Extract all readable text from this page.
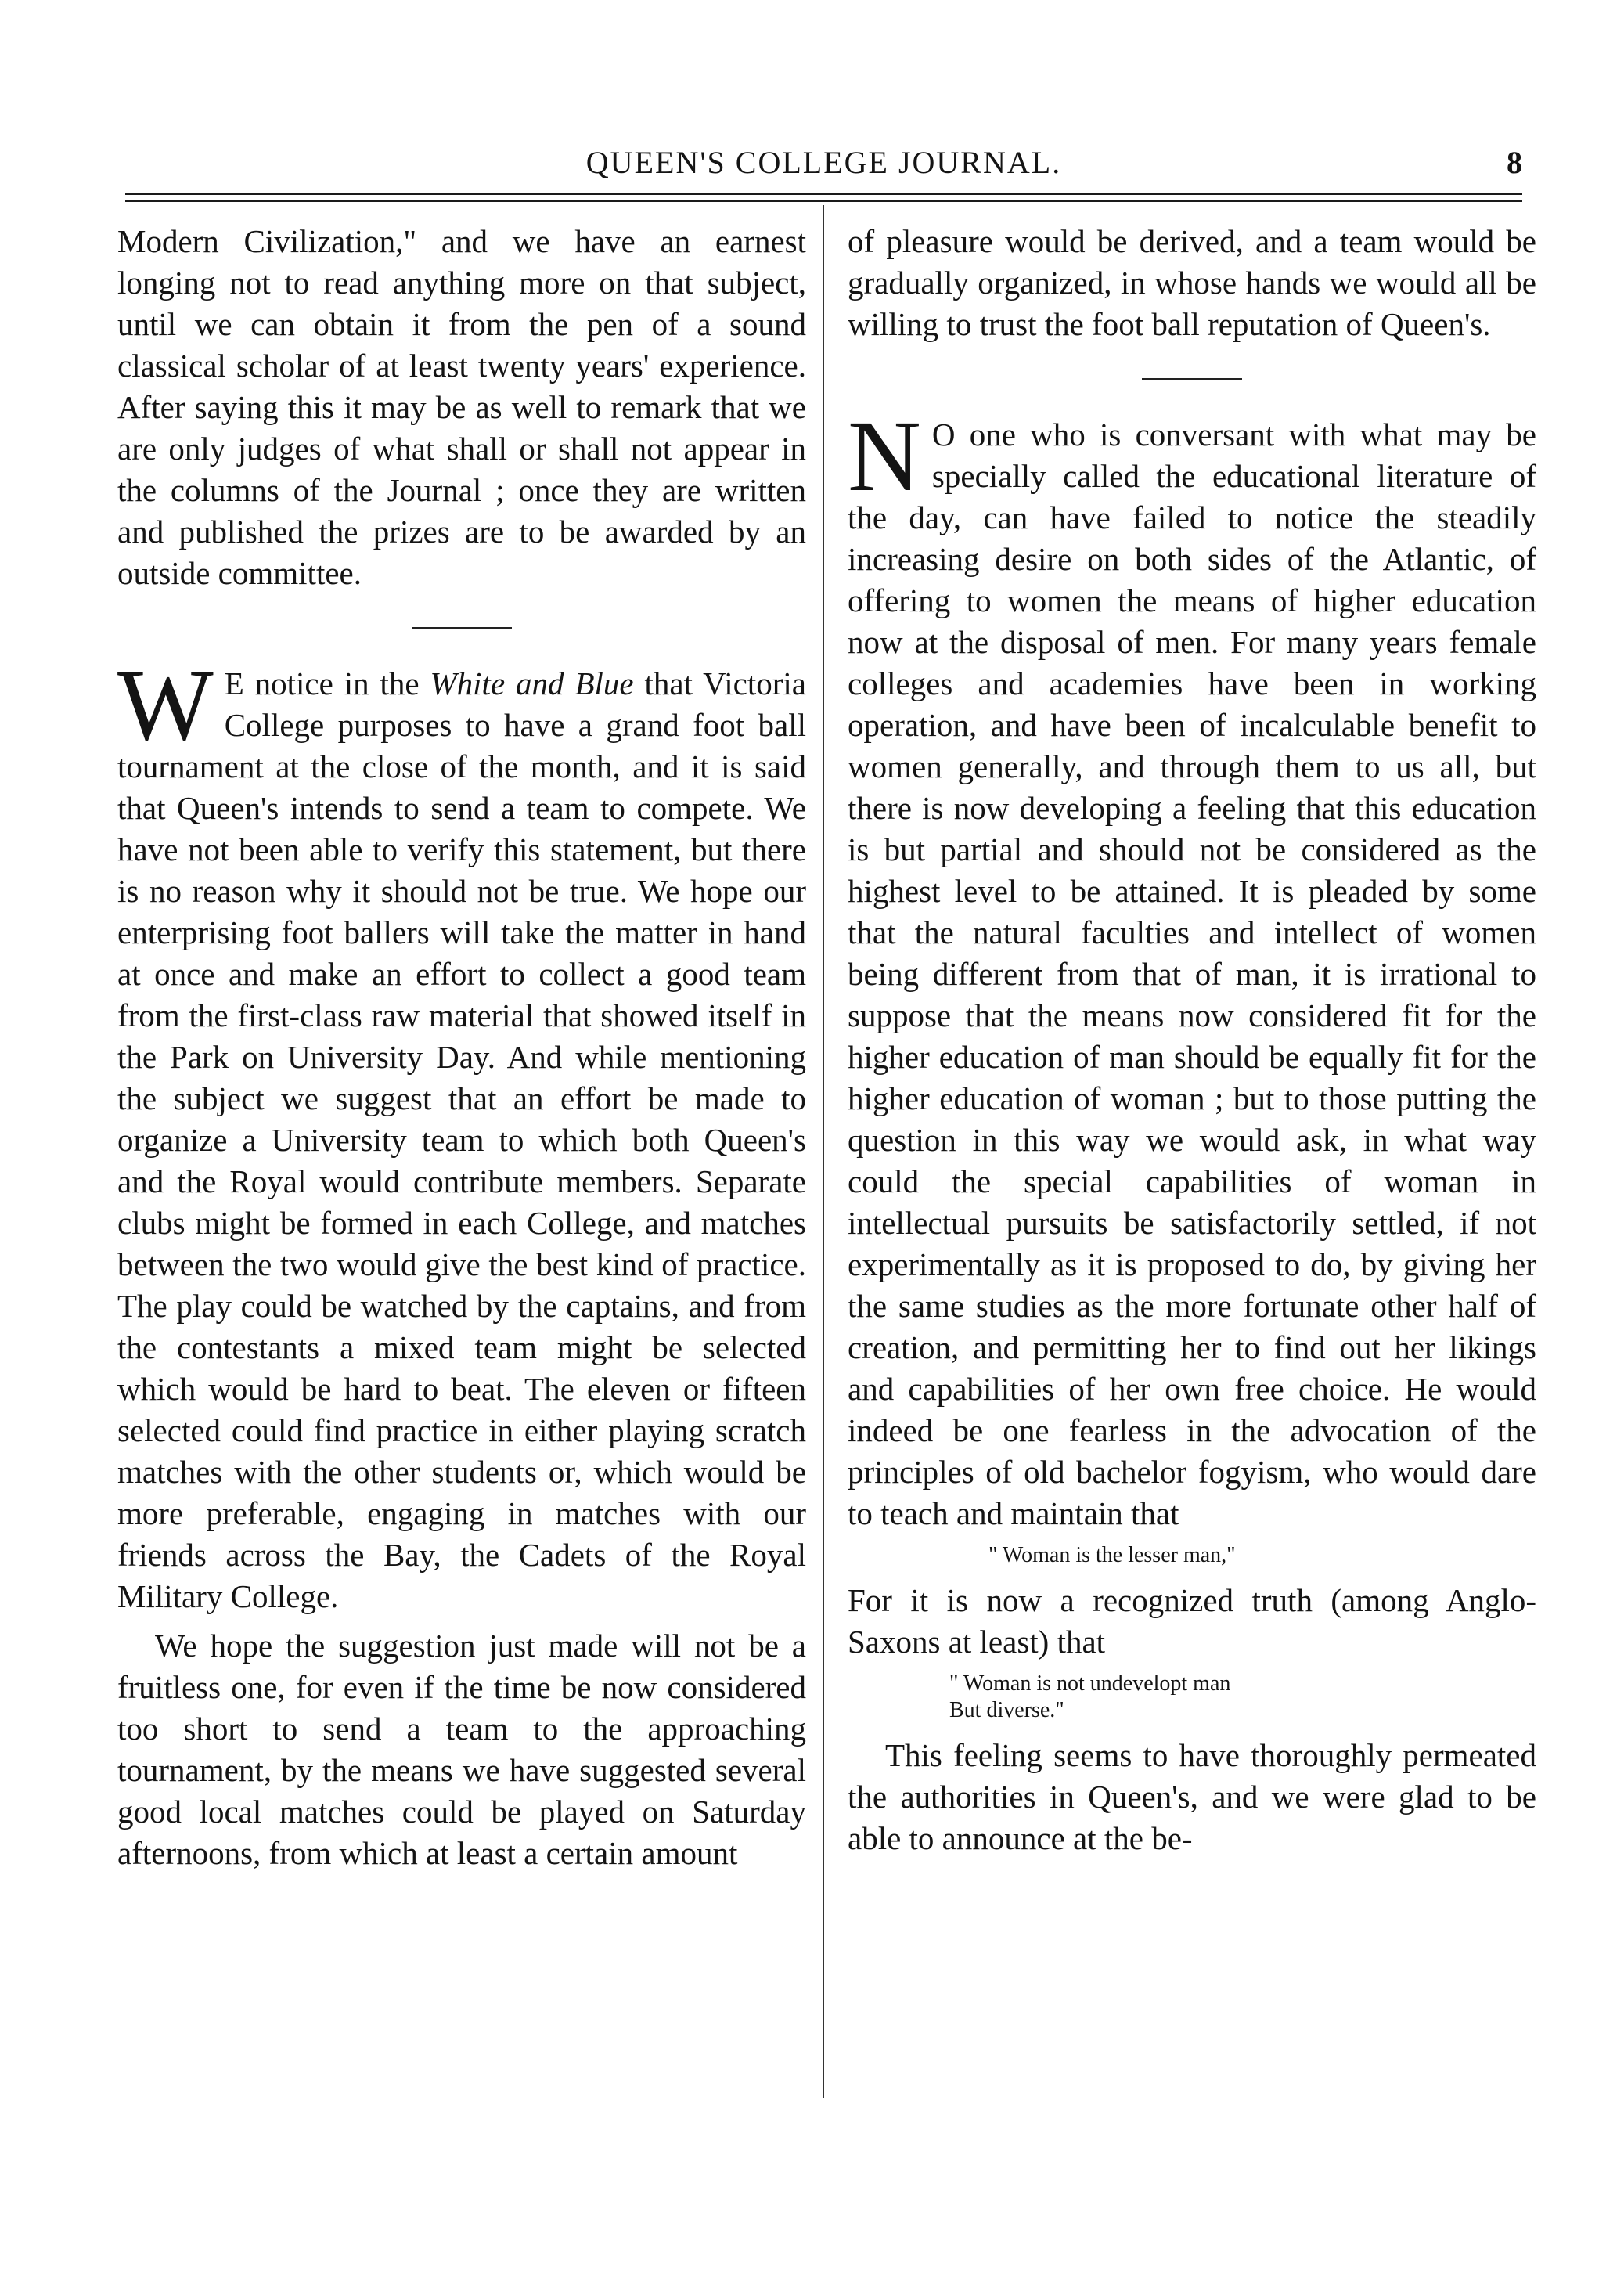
QUEEN'S COLLEGE JOURNAL.	8

Modern Civilization," and we have an earnest longing not to read anything more on that subject, until we can obtain it from the pen of a sound classical scholar of at least twenty years' experience. After saying this it may be as well to remark that we are only judges of what shall or shall not appear in the columns of the Journal ; once they are written and published the prizes are to be awarded by an outside committee.

W E notice in the White and Blue that Victoria College purposes to have a grand foot ball tournament at the close of the month, and it is said that Queen's intends to send a team to compete. We have not been able to verify this statement, but there is no reason why it should not be true. We hope our enterprising foot ballers will take the matter in hand at once and make an effort to collect a good team from the first-class raw material that showed itself in the Park on University Day. And while mentioning the subject we suggest that an effort be made to organize a University team to which both Queen's and the Royal would contribute members. Separate clubs might be formed in each College, and matches between the two would give the best kind of practice. The play could be watched by the captains, and from the contestants a mixed team might be selected which would be hard to beat. The eleven or fifteen selected could find practice in either playing scratch matches with the other students or, which would be more preferable, engaging in matches with our friends across the Bay, the Cadets of the Royal Military College.

We hope the suggestion just made will not be a fruitless one, for even if the time be now considered too short to send a team to the approaching tournament, by the means we have suggested several good local matches could be played on Saturday afternoons, from which at least a certain amount

of pleasure would be derived, and a team would be gradually organized, in whose hands we would all be willing to trust the foot ball reputation of Queen's.

N O one who is conversant with what may be specially called the educational literature of the day, can have failed to notice the steadily increasing desire on both sides of the Atlantic, of offering to women the means of higher education now at the disposal of men. For many years female colleges and academies have been in working operation, and have been of incalculable benefit to women generally, and through them to us all, but there is now developing a feeling that this education is but partial and should not be considered as the highest level to be attained. It is pleaded by some that the natural faculties and intellect of women being different from that of man, it is irrational to suppose that the means now considered fit for the higher education of man should be equally fit for the higher education of woman ; but to those putting the question in this way we would ask, in what way could the special capabilities of woman in intellectual pursuits be satisfactorily settled, if not experimentally as it is proposed to do, by giving her the same studies as the more fortunate other half of creation, and permitting her to find out her likings and capabilities of her own free choice. He would indeed be one fearless in the advocation of the principles of old bachelor fogyism, who would dare to teach and maintain that

" Woman is the lesser man,"

For it is now a recognized truth (among Anglo-Saxons at least) that

" Woman is not undevelopt man
But diverse."

This feeling seems to have thoroughly permeated the authorities in Queen's, and we were glad to be able to announce at the be-
